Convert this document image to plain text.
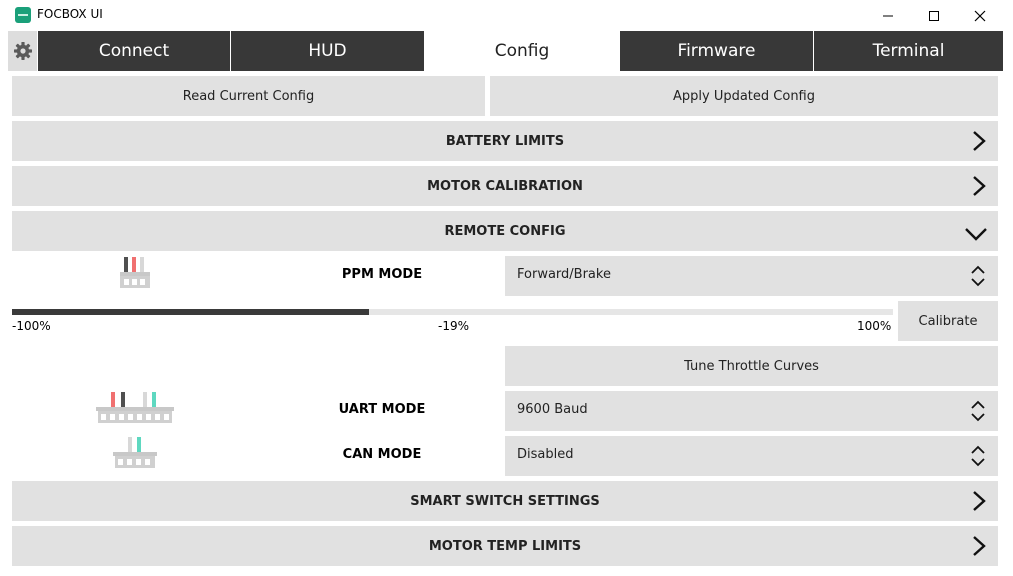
FOCBOX UI
Connect	HUD	Config	Firmware	Terminal
Read Current Config	Apply Updated Config
BATTERY LIMITS
MOTOR CALIBRATION
REMOTE CONFIG
PPM MODE	Forward/Brake
-100%	-19%	100%	Calibrate
Tune Throttle Curves
UART MODE	9600 Baud
CAN MODE	Disabled
SMART SWITCH SETTINGS
MOTOR TEMP LIMITS
